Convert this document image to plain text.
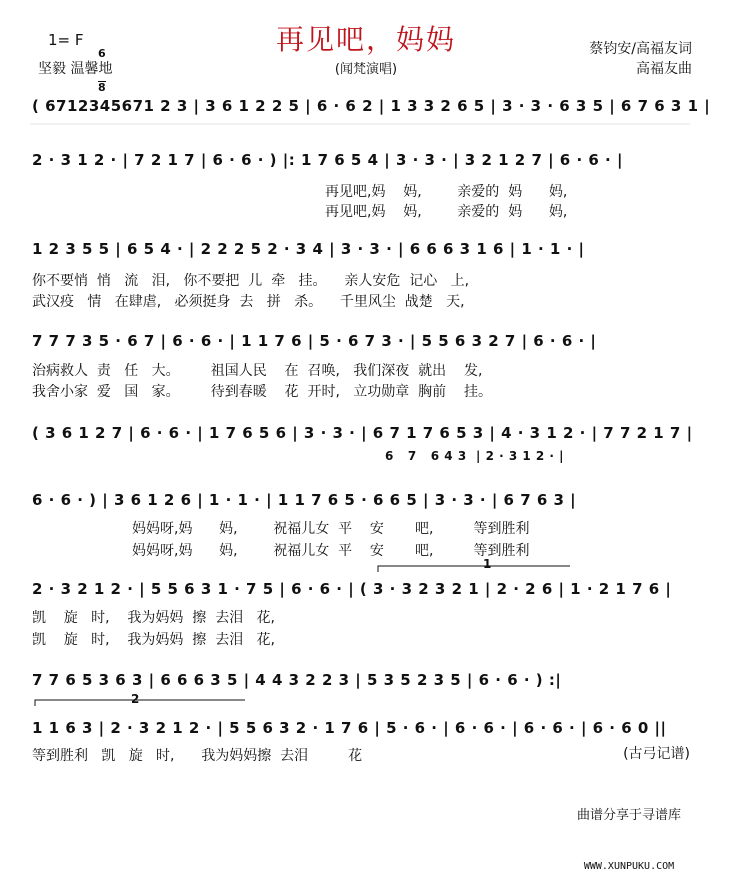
1= F

6

8

再见吧，妈妈
坚毅 温馨地	(闻梵演唱)
蔡钧安/高福友词
高福友曲
( 6712345671 2 3 | 3 6 1 2 2 5 | 6 · 6 2 | 1 3 3 2 6 5 | 3 · 3 · 6 3 5 | 6 7 6 3 1 |
2 · 3 1 2 · | 7 2 1 7 | 6 · 6 · ) |: 1 7 6 5 4 | 3 · 3 · | 3 2 1 2 7 | 6 · 6 · |
再见吧,妈    妈,        亲爱的  妈      妈,
再见吧,妈    妈,        亲爱的  妈      妈,
1 2 3 5 5 | 6 5 4 · | 2 2 2 5 2 · 3 4 | 3 · 3 · | 6 6 6 3 1 6 | 1 · 1 · |
你不要悄  悄   流   泪,   你不要把  儿  牵   挂。    亲人安危  记心   上,
武汉疫   情   在肆虐,   必须挺身  去   拼   杀。    千里风尘  战楚   天,
7 7 7 3 5 · 6 7 | 6 · 6 · | 1 1 7 6 | 5 · 6 7 3 · | 5 5 6 3 2 7 | 6 · 6 · |
治病救人  责   任   大。       祖国人民    在  召唤,   我们深夜  就出    发,
我舍小家  爱   国   家。       待到春暖    花  开时,   立功勋章  胸前    挂。
( 3 6 1 2 7 | 6 · 6 · | 1 7 6 5 6 | 3 · 3 · | 6 7 1 7 6 5 3 | 4 · 3 1 2 · | 7 7 2 1 7 |
6   7   6 4 3  | 2 · 3 1 2 · |
6 · 6 · ) | 3 6 1 2 6 | 1 · 1 · | 1 1 7 6 5 · 6 6 5 | 3 · 3 · | 6 7 6 3 |
妈妈呀,妈      妈,        祝福儿女  平    安       吧,         等到胜利
妈妈呀,妈      妈,        祝福儿女  平    安       吧,         等到胜利
1
2 · 3 2 1 2 · | 5 5 6 3 1 · 7 5 | 6 · 6 · | ( 3 · 3 2 3 2 1 | 2 · 2 6 | 1 · 2 1 7 6 |
凯    旋   时,    我为妈妈  擦  去泪   花,
凯    旋   时,    我为妈妈  擦  去泪   花,
7 7 6 5 3 6 3 | 6 6 6 3 5 | 4 4 3 2 2 3 | 5 3 5 2 3 5 | 6 · 6 · ) :|
2
1 1 6 3 | 2 · 3 2 1 2 · | 5 5 6 3 2 · 1 7 6 | 5 · 6 · | 6 · 6 · | 6 · 6 · | 6 · 6 0 ||
等到胜利   凯   旋   时,      我为妈妈擦  去泪         花	(古弓记谱)

曲谱分享于寻谱库

WWW.XUNPUKU.COM
